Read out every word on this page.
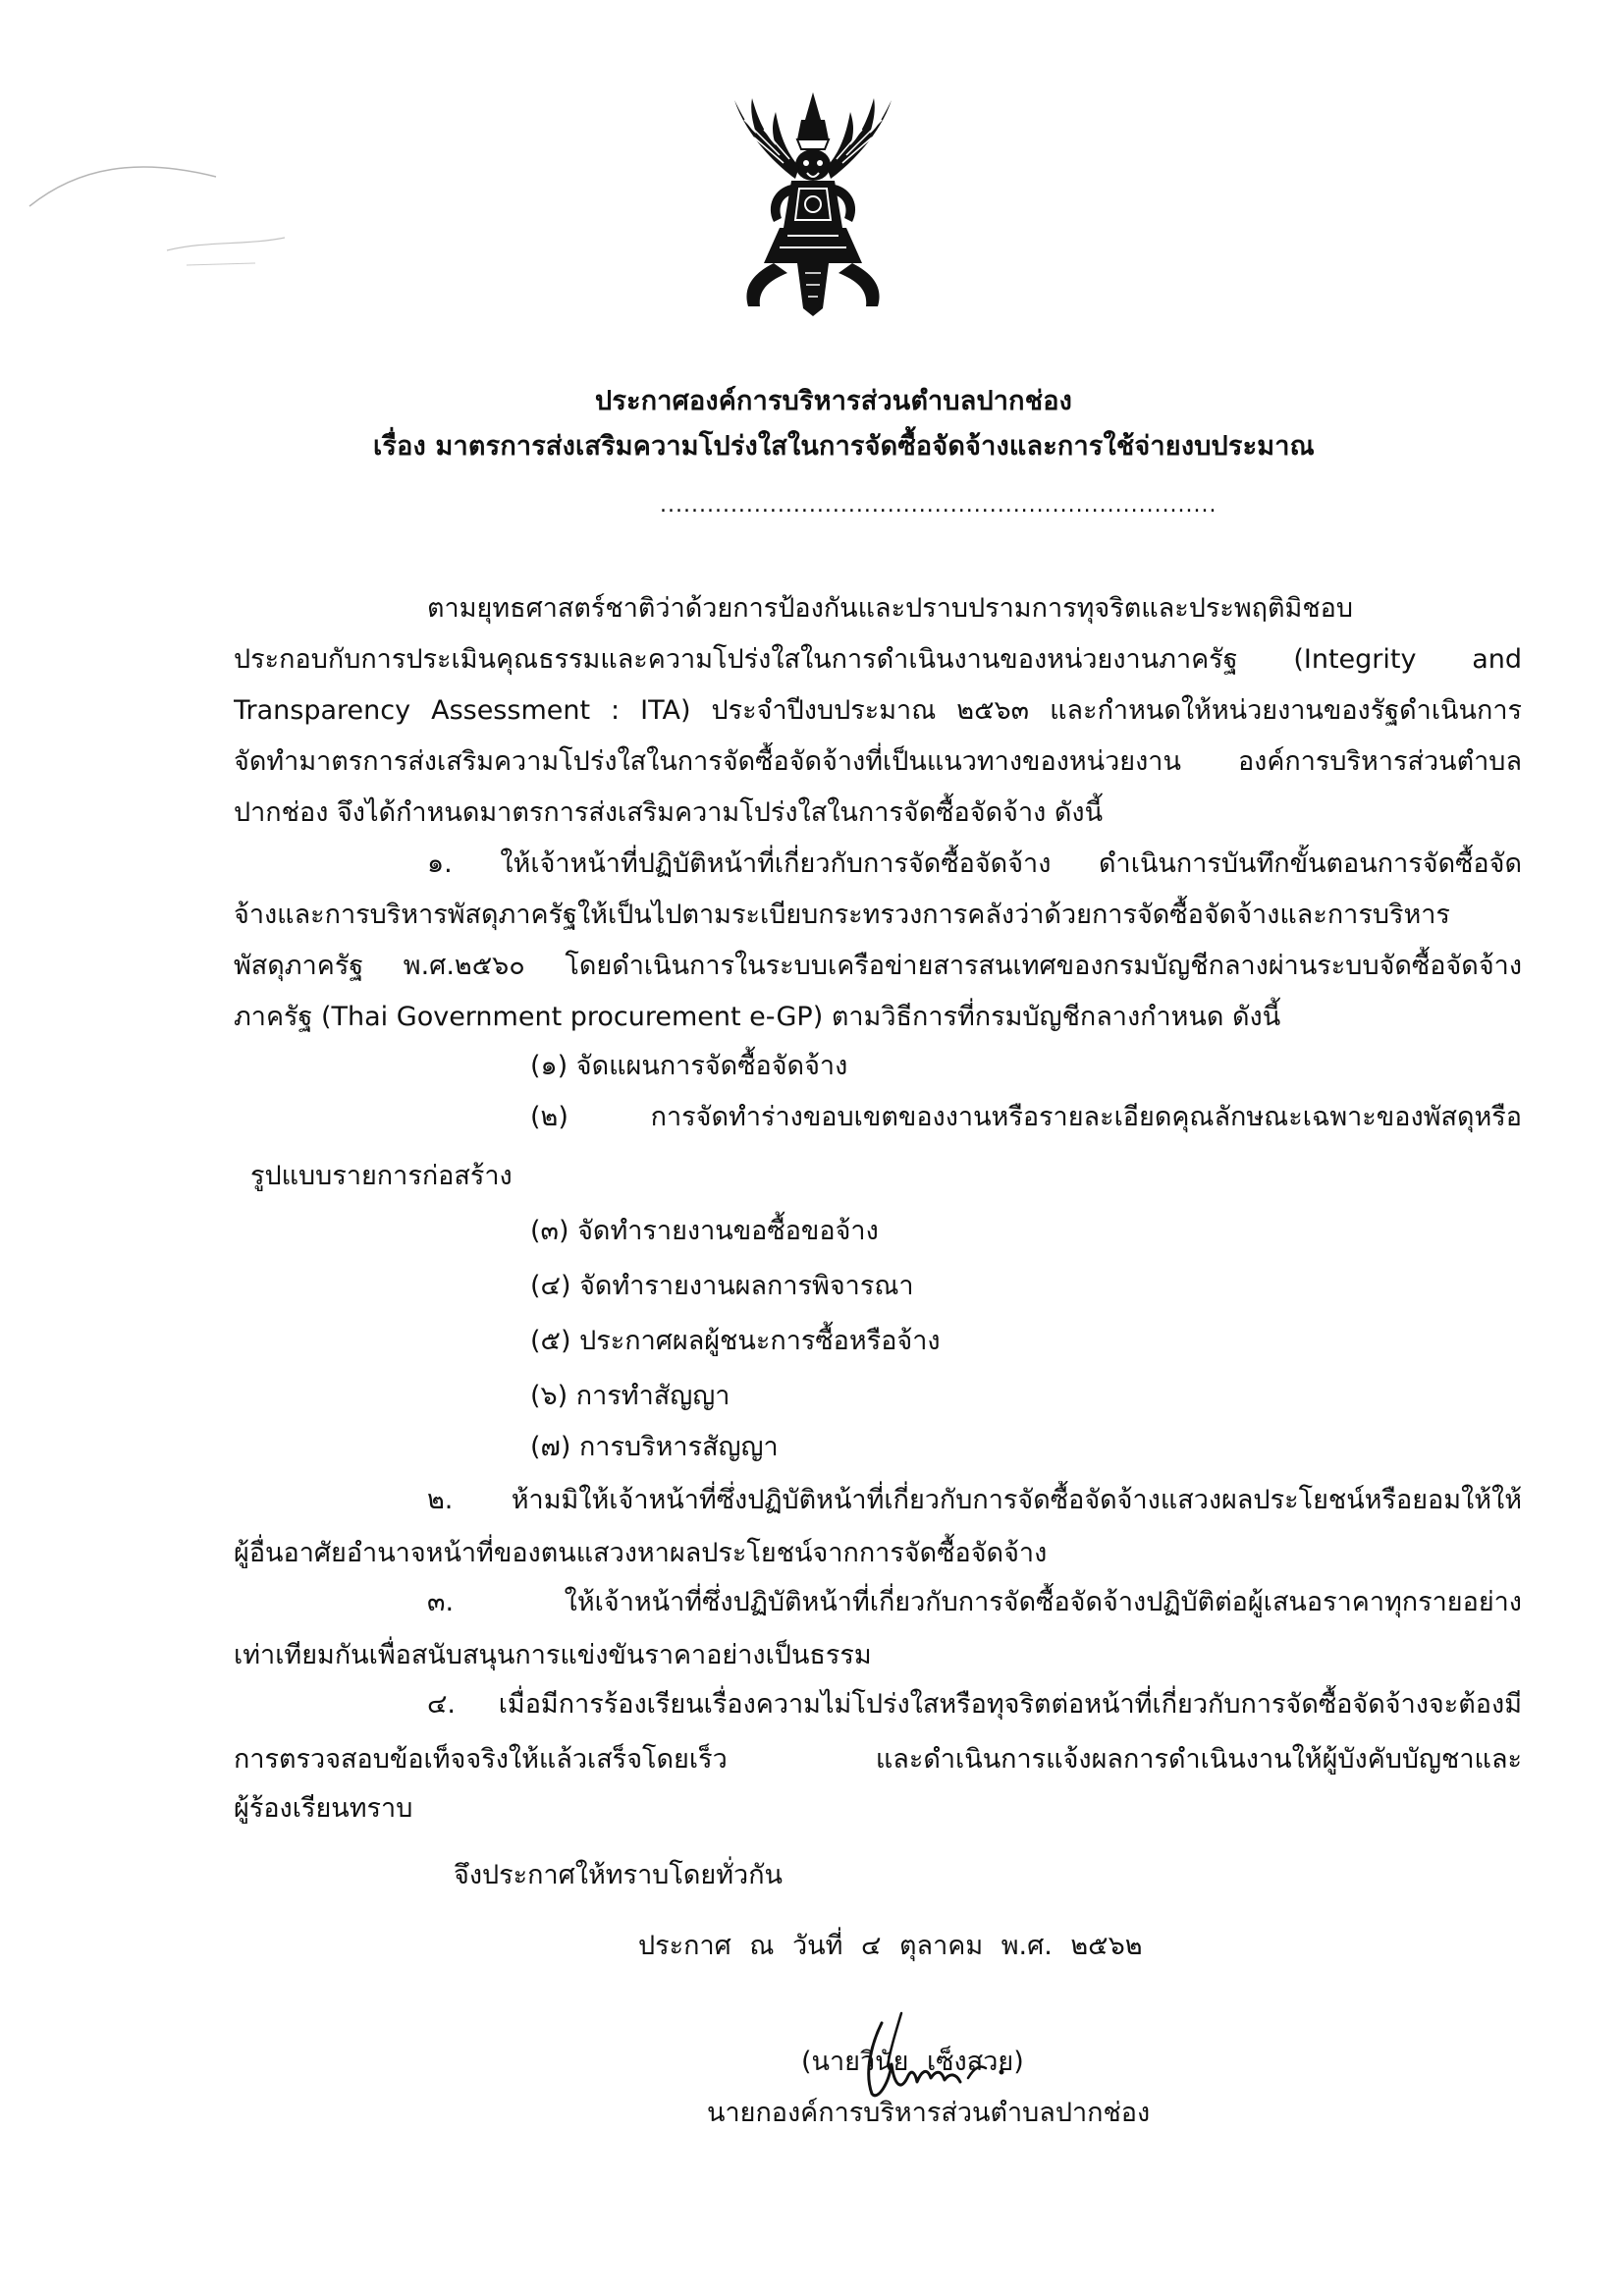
ประกาศองค์การบริหารส่วนตำบลปากช่อง
เรื่อง มาตรการส่งเสริมความโปร่งใสในการจัดซื้อจัดจ้างและการใช้จ่ายงบประมาณ
.......................................................................
ตามยุทธศาสตร์ชาติว่าด้วยการป้องกันและปราบปรามการทุจริตและประพฤติมิชอบ
ประกอบกับการประเมินคุณธรรมและความโปร่งใสในการดำเนินงานของหน่วยงานภาครัฐ (Integrity and
Transparency Assessment : ITA) ประจำปีงบประมาณ ๒๕๖๓ และกำหนดให้หน่วยงานของรัฐดำเนินการ
จัดทำมาตรการส่งเสริมความโปร่งใสในการจัดซื้อจัดจ้างที่เป็นแนวทางของหน่วยงาน องค์การบริหารส่วนตำบล
ปากช่อง จึงได้กำหนดมาตรการส่งเสริมความโปร่งใสในการจัดซื้อจัดจ้าง ดังนี้
๑. ให้เจ้าหน้าที่ปฏิบัติหน้าที่เกี่ยวกับการจัดซื้อจัดจ้าง ดำเนินการบันทึกขั้นตอนการจัดซื้อจัด
จ้างและการบริหารพัสดุภาครัฐให้เป็นไปตามระเบียบกระทรวงการคลังว่าด้วยการจัดซื้อจัดจ้างและการบริหาร
พัสดุภาครัฐ พ.ศ.๒๕๖๐ โดยดำเนินการในระบบเครือข่ายสารสนเทศของกรมบัญชีกลางผ่านระบบจัดซื้อจัดจ้าง
ภาครัฐ (Thai Government procurement e-GP) ตามวิธีการที่กรมบัญชีกลางกำหนด ดังนี้
(๑) จัดแผนการจัดซื้อจัดจ้าง
(๒) การจัดทำร่างขอบเขตของงานหรือรายละเอียดคุณลักษณะเฉพาะของพัสดุหรือ
รูปแบบรายการก่อสร้าง
(๓) จัดทำรายงานขอซื้อขอจ้าง
(๔) จัดทำรายงานผลการพิจารณา
(๕) ประกาศผลผู้ชนะการซื้อหรือจ้าง
(๖) การทำสัญญา
(๗) การบริหารสัญญา
๒. ห้ามมิให้เจ้าหน้าที่ซึ่งปฏิบัติหน้าที่เกี่ยวกับการจัดซื้อจัดจ้างแสวงผลประโยชน์หรือยอมให้ให้
ผู้อื่นอาศัยอำนาจหน้าที่ของตนแสวงหาผลประโยชน์จากการจัดซื้อจัดจ้าง
๓. ให้เจ้าหน้าที่ซึ่งปฏิบัติหน้าที่เกี่ยวกับการจัดซื้อจัดจ้างปฏิบัติต่อผู้เสนอราคาทุกรายอย่าง
เท่าเทียมกันเพื่อสนับสนุนการแข่งขันราคาอย่างเป็นธรรม
๔. เมื่อมีการร้องเรียนเรื่องความไม่โปร่งใสหรือทุจริตต่อหน้าที่เกี่ยวกับการจัดซื้อจัดจ้างจะต้องมี
การตรวจสอบข้อเท็จจริงให้แล้วเสร็จโดยเร็ว และดำเนินการแจ้งผลการดำเนินงานให้ผู้บังคับบัญชาและ
ผู้ร้องเรียนทราบ
จึงประกาศให้ทราบโดยทั่วกัน
ประกาศ ณ วันที่ ๔ ตุลาคม พ.ศ. ๒๕๖๒
(นายวินัย เซ็งสวย)
นายกองค์การบริหารส่วนตำบลปากช่อง
